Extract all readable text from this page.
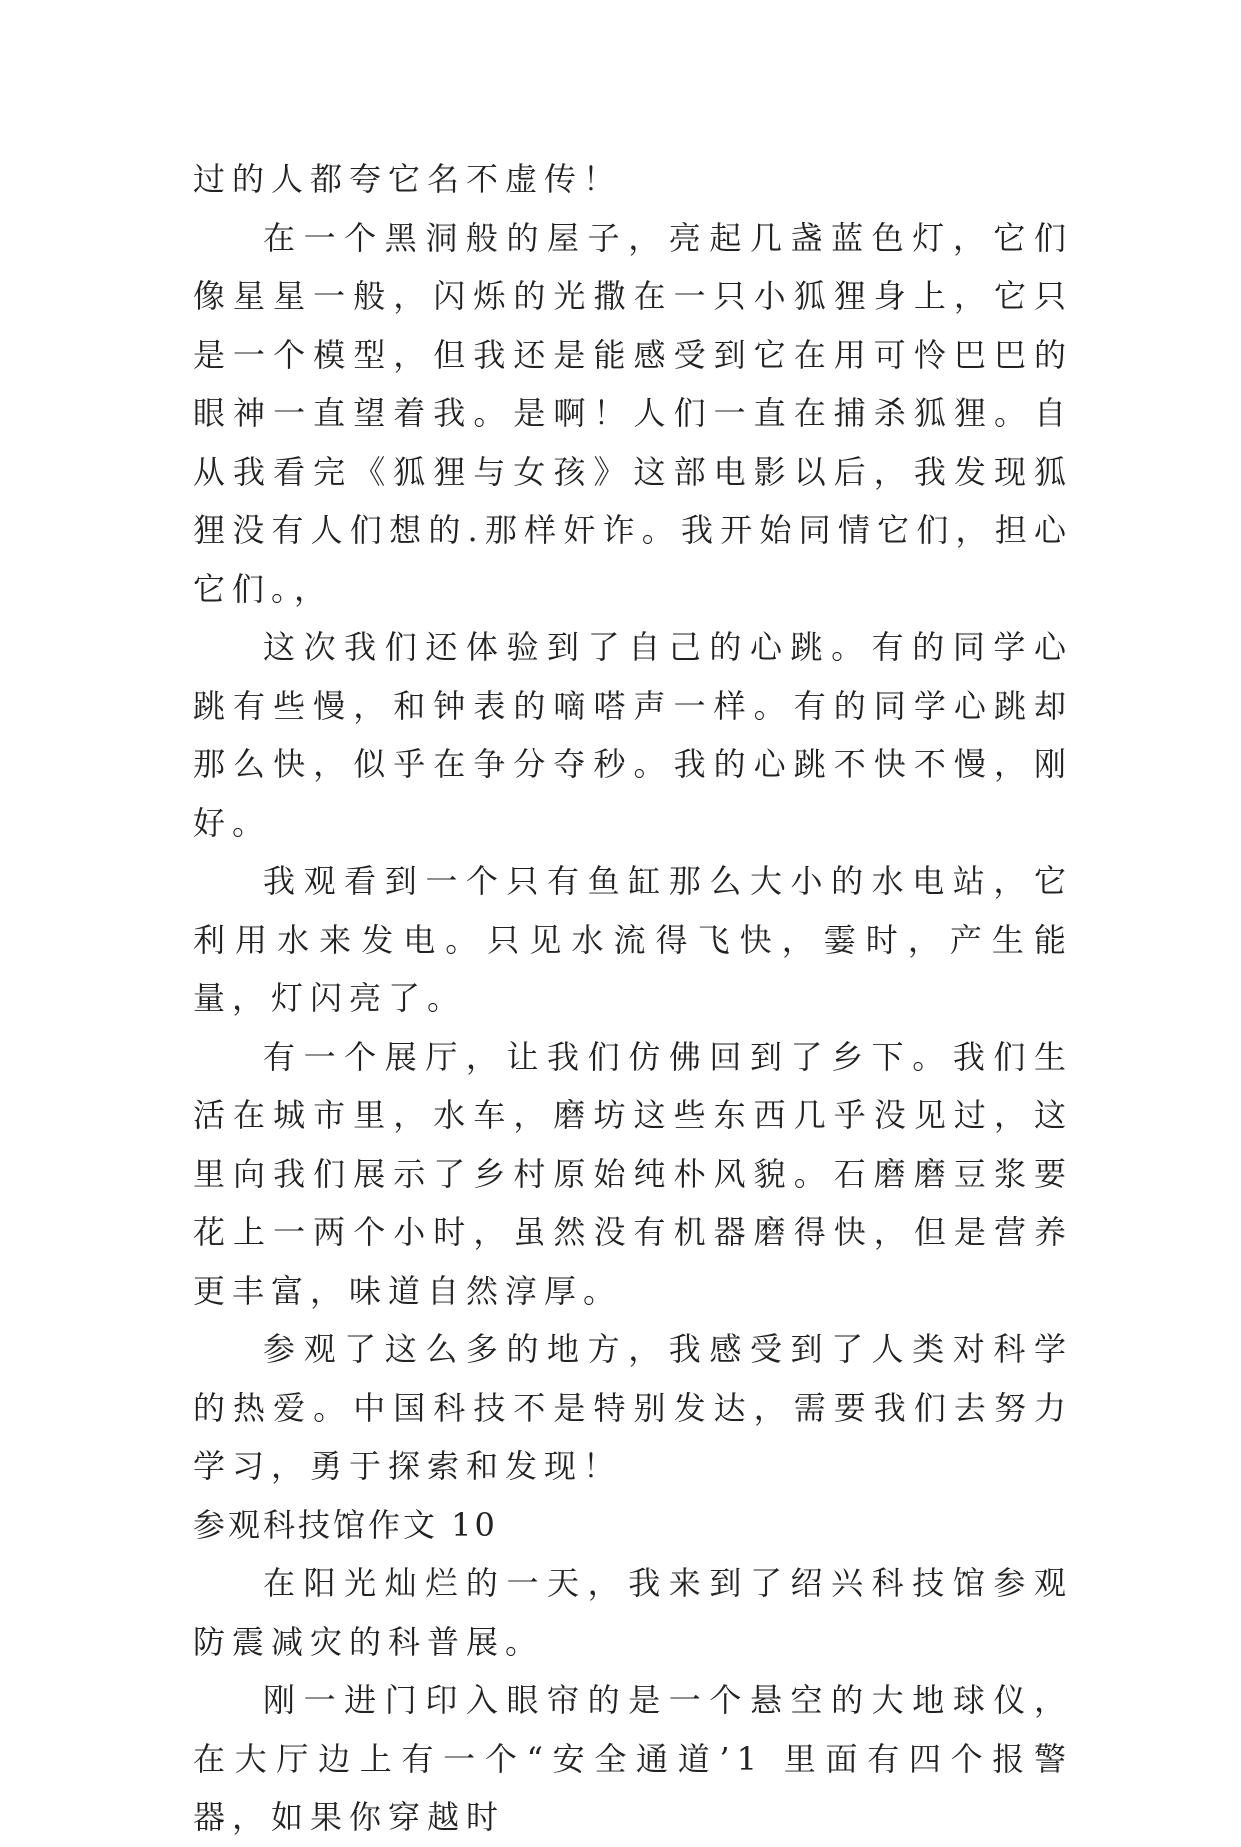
过的人都夸它名不虚传！

在一个黑洞般的屋子，亮起几盏蓝色灯，它们像星星一般，闪烁的光撒在一只小狐狸身上，它只是一个模型，但我还是能感受到它在用可怜巴巴的眼神一直望着我。是啊！人们一直在捕杀狐狸。自从我看完《狐狸与女孩》这部电影以后，我发现狐狸没有人们想的.那样奸诈。我开始同情它们，担心它们。，

这次我们还体验到了自己的心跳。有的同学心跳有些慢，和钟表的嘀嗒声一样。有的同学心跳却那么快，似乎在争分夺秒。我的心跳不快不慢，刚好。

我观看到一个只有鱼缸那么大小的水电站，它利用水来发电。只见水流得飞快，霎时，产生能量，灯闪亮了。

有一个展厅，让我们仿佛回到了乡下。我们生活在城市里，水车，磨坊这些东西几乎没见过，这里向我们展示了乡村原始纯朴风貌。石磨磨豆浆要花上一两个小时，虽然没有机器磨得快，但是营养更丰富，味道自然淳厚。

参观了这么多的地方，我感受到了人类对科学的热爱。中国科技不是特别发达，需要我们去努力学习，勇于探索和发现！

参观科技馆作文 10

在阳光灿烂的一天，我来到了绍兴科技馆参观防震减灾的科普展。

刚一进门印入眼帘的是一个悬空的大地球仪，在大厅边上有一个“安全通道’1 里面有四个报警器，如果你穿越时
